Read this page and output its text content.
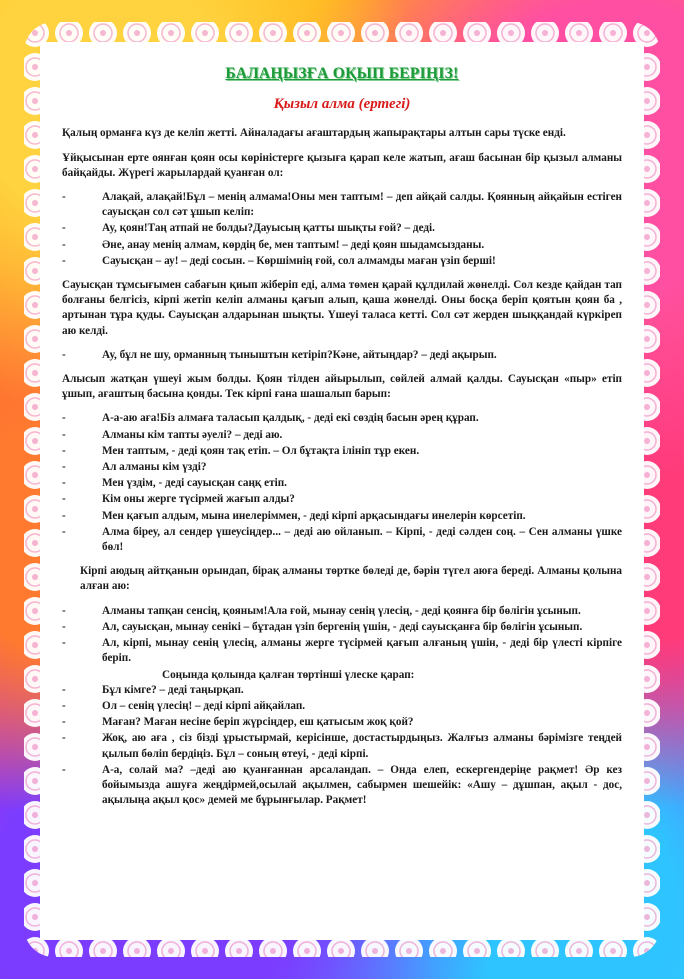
БАЛАҢЫЗҒА ОҚЫП БЕРІҢІЗ!
Қызыл алма (ертегі)

Қалың орманға күз де келіп жетті. Айналадағы ағаштардың жапырақтары алтын сары түске енді.

Ұйқысынан ерте оянған қоян осы көріністерге қызыға қарап келе жатып, ағаш басынан бір қызыл алманы байқайды. Жүрегі жарылардай қуанған ол:

- Алақай, алақай!Бұл – менің алмама!Оны мен таптым! – деп айқай салды. Қоянның айқайын естіген сауысқан сол сәт ұшып келіп:
- Ау, қоян!Таң атпай не болды?Дауысың қатты шықты ғой? – деді.
- Әне, анау менің алмам, көрдің бе, мен таптым! – деді қоян шыдамсызданы.
- Сауысқан – ау! – деді сосын. – Көршімнің ғой, сол алмамды маған үзіп берші!

Сауысқан тұмсығымен сабағын қиып жіберіп еді, алма төмен қарай құлдилай жөнелді. Сол кезде қайдан тап болғаны белгісіз, кірпі жетіп келіп алманы қағып алып, қаша жөнелді. Оны босқа беріп қоятын қоян ба , артынан тұра қуды. Сауысқан алдарынан шықты. Үшеуі таласа кетті. Сол сәт жерден шыққандай күркіреп аю келді.

- Ау, бұл не шу, орманның тыныштын кетіріп?Кәне, айтыңдар? – деді ақырып.

Алысып жатқан үшеуі жым болды. Қоян тілден айырылып, сөйлей алмай қалды. Сауысқан «пыр» етіп ұшып, ағаштың басына қонды. Тек кірпі ғана шашалып барып:

- А-а-аю аға!Біз алмаға таласып қалдық, - деді екі сөздің басын әрең құрап.
- Алманы кім тапты әуелі? – деді аю.
- Мен таптым, - деді қоян тақ етіп. – Ол бұтақта ілініп тұр екен.
- Ал алманы кім үзді?
- Мен үздім, - деді сауысқан саңқ етіп.
- Кім оны жерге түсірмей жағып алды?
- Мен қағып алдым, мына инелеріммен, - деді кірпі арқасындағы инелерін көрсетіп.
- Алма біреу, ал сендер үшеусіңдер... – деді аю ойланып. – Кірпі, - деді сәлден соң. – Сен алманы үшке бөл!

Кірпі аюдың айтқанын орындап, бірақ алманы төртке бөледі де, бәрін түгел аюға береді. Алманы қолына алған аю:

- Алманы тапқан сенсің, қояным!Ала ғой, мынау сенің үлесің, - деді қоянға бір бөлігін ұсынып.
- Ал, сауысқан, мынау сенікі – бұтадан үзіп бергенің үшін, - деді сауысқанға бір бөлігін ұсынып.
- Ал, кірпі, мынау сенің үлесің, алманы жерге түсірмей қағып алғаның үшін, - деді бір үлесті кірпіге беріп.

Соңында қолында қалған төртінші үлеске қарап:

- Бұл кімге? – деді таңырқап.
- Ол – сенің үлесің! – деді кірпі айқайлап.
- Маған? Маған несіне беріп жүрсіңдер, еш қатысым жоқ қой?
- Жоқ, аю аға , сіз бізді ұрыстырмай, керісінше, достастырдыңыз. Жалғыз алманы бәрімізге теңдей қылып бөліп бердіңіз. Бұл – соның өтеуі, - деді кірпі.
- А-а, солай ма? –деді аю қуанғаннан арсаландап. – Онда елеп, ескергендеріңе рақмет! Әр кез бойымызда ашуға жеңдірмей,осылай ақылмен, сабырмен шешейік: «Ашу – дұшпан, ақыл - дос, ақылыңа ақыл қос» демей ме бұрынғылар. Рақмет!
